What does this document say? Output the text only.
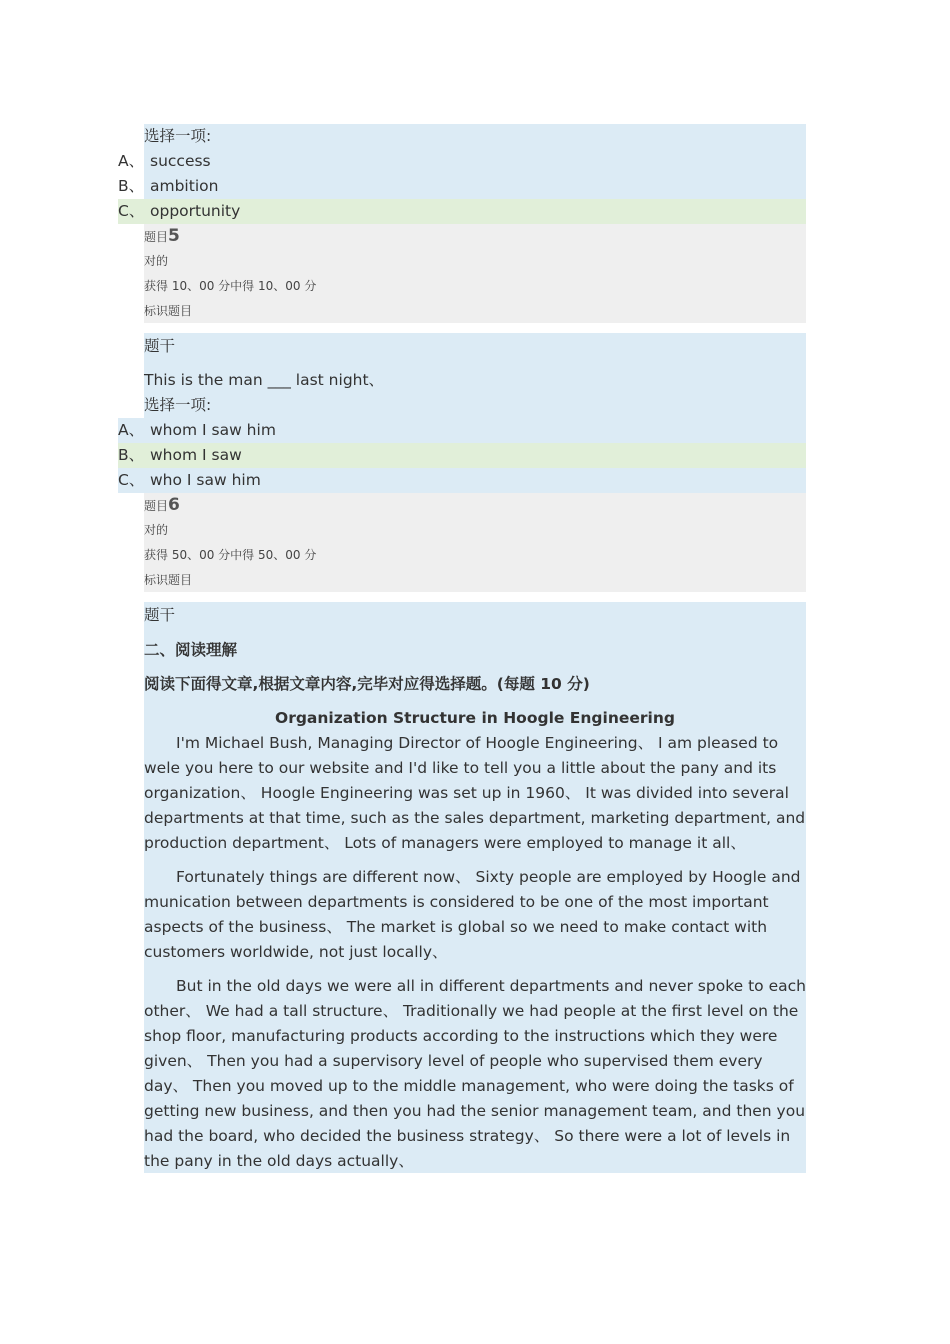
选择一项:
A、 success
B、 ambition
C、 opportunity
题目5
对的
获得 10、00 分中得 10、00 分
标识题目
题干
This is the man ___ last night、
选择一项:
A、 whom I saw him
B、 whom I saw
C、 who I saw him
题目6
对的
获得 50、00 分中得 50、00 分
标识题目
题干
二、阅读理解
阅读下面得文章,根据文章内容,完毕对应得选择题。(每题 10 分)
Organization Structure in Hoogle Engineering
I'm Michael Bush, Managing Director of Hoogle Engineering、 I am pleased to wele you here to our website and I'd like to tell you a little about the pany and its organization、 Hoogle Engineering was set up in 1960、 It was divided into several departments at that time, such as the sales department, marketing department, and production department、 Lots of managers were employed to manage it all、
Fortunately things are different now、 Sixty people are employed by Hoogle and munication between departments is considered to be one of the most important aspects of the business、 The market is global so we need to make contact with customers worldwide, not just locally、
But in the old days we were all in different departments and never spoke to each other、 We had a tall structure、 Traditionally we had people at the first level on the shop floor, manufacturing products according to the instructions which they were given、 Then you had a supervisory level of people who supervised them every day、 Then you moved up to the middle management, who were doing the tasks of getting new business, and then you had the senior management team, and then you had the board, who decided the business strategy、 So there were a lot of levels in the pany in the old days actually、
